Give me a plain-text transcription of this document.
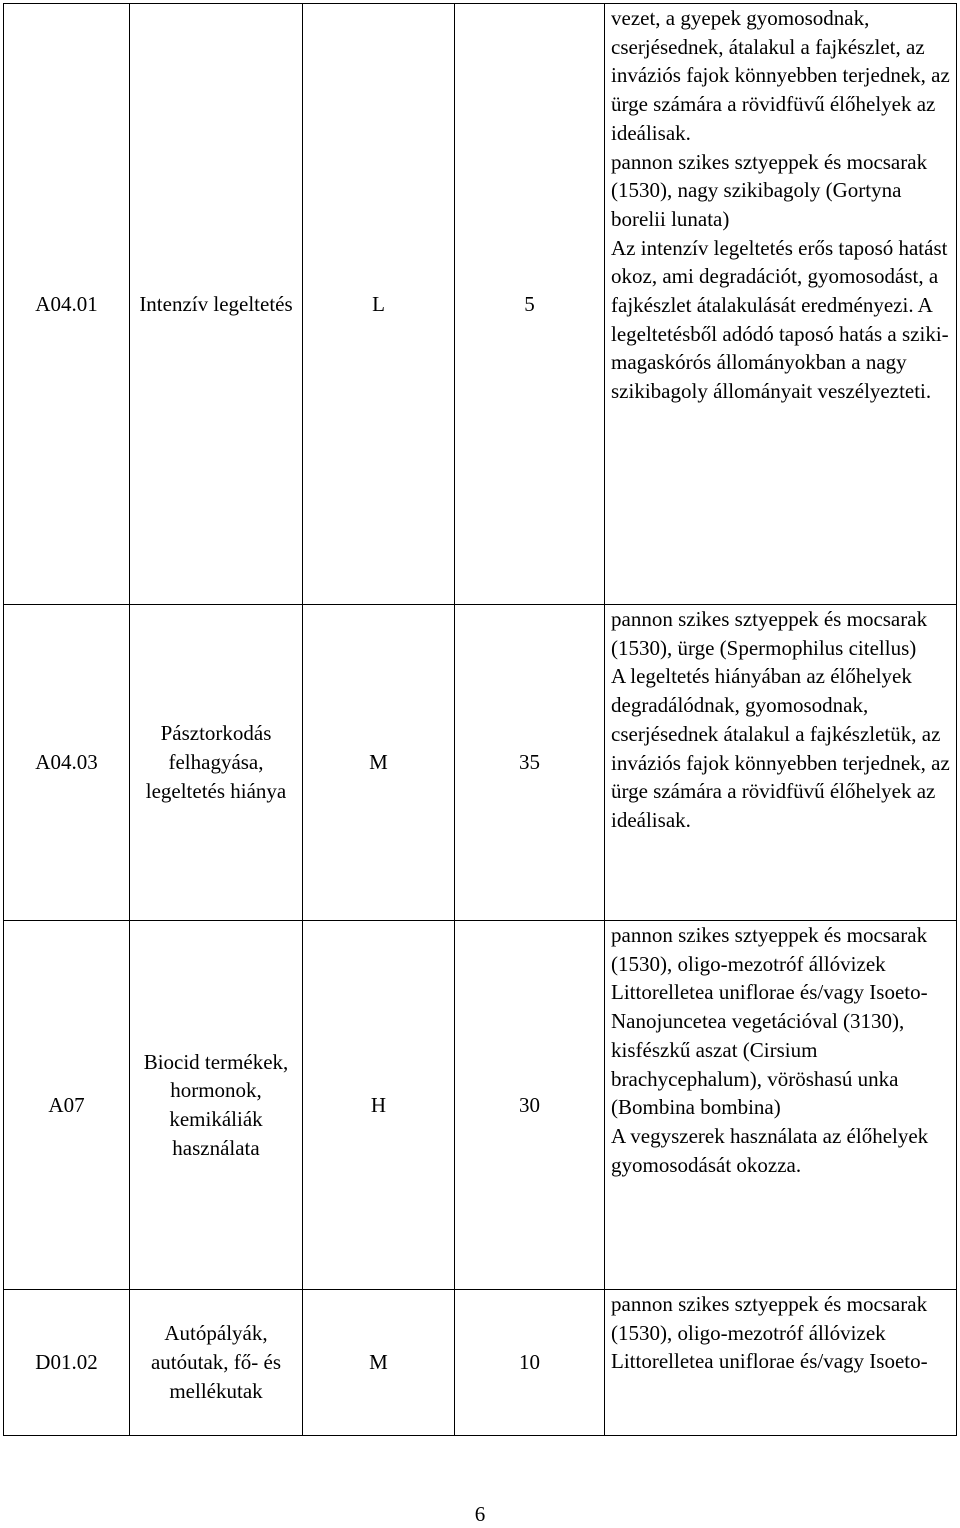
A04.01	Intenzív legeltetés	L	5	vezet, a gyepek gyomosodnak, cserjésednek, átalakul a fajkészlet, az inváziós fajok könnyebben terjednek, az ürge számára a rövidfüvű élőhelyek az ideálisak.
pannon szikes sztyeppek és mocsarak (1530), nagy szikibagoly (Gortyna borelii lunata)
Az intenzív legeltetés erős taposó hatást okoz, ami degradációt, gyomosodást, a fajkészlet átalakulását eredményezi. A legeltetésből adódó taposó hatás a sziki-magaskórós állományokban a nagy szikibagoly állományait veszélyezteti.

A04.03	Pásztorkodás felhagyása, legeltetés hiánya	M	35	pannon szikes sztyeppek és mocsarak (1530), ürge (Spermophilus citellus)
A legeltetés hiányában az élőhelyek degradálódnak, gyomosodnak, cserjésednek átalakul a fajkészletük, az inváziós fajok könnyebben terjednek, az ürge számára a rövidfüvű élőhelyek az ideálisak.

A07	Biocid termékek, hormonok, kemikáliák használata	H	30	pannon szikes sztyeppek és mocsarak (1530), oligo-mezotróf állóvizek Littorelletea uniflorae és/vagy Isoeto-Nanojuncetea vegetációval (3130), kisfészkű aszat (Cirsium brachycephalum), vöröshasú unka (Bombina bombina)
A vegyszerek használata az élőhelyek gyomosodását okozza.

D01.02	Autópályák, autóutak, fő- és mellékutak	M	10	pannon szikes sztyeppek és mocsarak (1530), oligo-mezotróf állóvizek Littorelletea uniflorae és/vagy Isoeto-
6
